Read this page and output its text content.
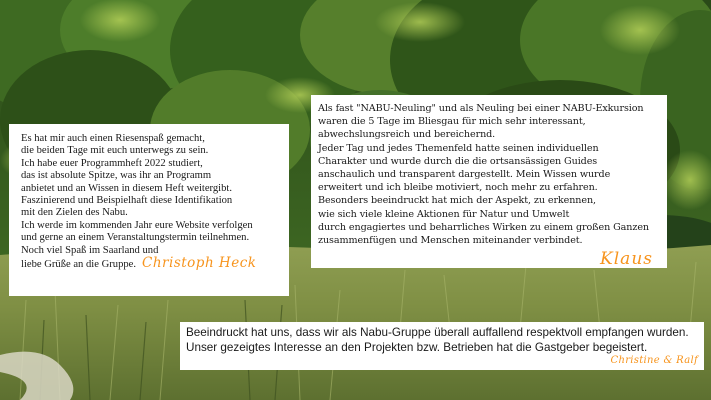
Es hat mir auch einen Riesenspaß gemacht,

die beiden Tage mit euch unterwegs zu sein.

Ich habe euer Programmheft 2022 studiert,

das ist absolute Spitze, was ihr an Programm

anbietet und an Wissen in diesem Heft weitergibt.

Faszinierend und Beispielhaft diese Identifikation

mit den Zielen des Nabu.

Ich werde im kommenden Jahr eure Website verfolgen

und gerne an einem Veranstaltungstermin teilnehmen.

Noch viel Spaß im Saarland und

liebe Grüße an die Gruppe. Christoph Heck

Als fast "NABU-Neuling" und als Neuling bei einer NABU-Exkursion

waren die 5 Tage im Bliesgau für mich sehr interessant,

abwechslungsreich und bereichernd.

Jeder Tag und jedes Themenfeld hatte seinen individuellen

Charakter und wurde durch die die ortsansässigen Guides

anschaulich und transparent dargestellt. Mein Wissen wurde

erweitert und ich bleibe motiviert, noch mehr zu erfahren.

Besonders beeindruckt hat mich der Aspekt, zu erkennen,

wie sich viele kleine Aktionen für Natur und Umwelt

durch engagiertes und beharrliches Wirken zu einem großen Ganzen

zusammenfügen und Menschen miteinander verbindet.

Klaus

Beeindruckt hat uns, dass wir als Nabu-Gruppe überall auffallend respektvoll empfangen wurden.

Unser gezeigtes Interesse an den Projekten bzw. Betrieben hat die Gastgeber begeistert.

Christine & Ralf
